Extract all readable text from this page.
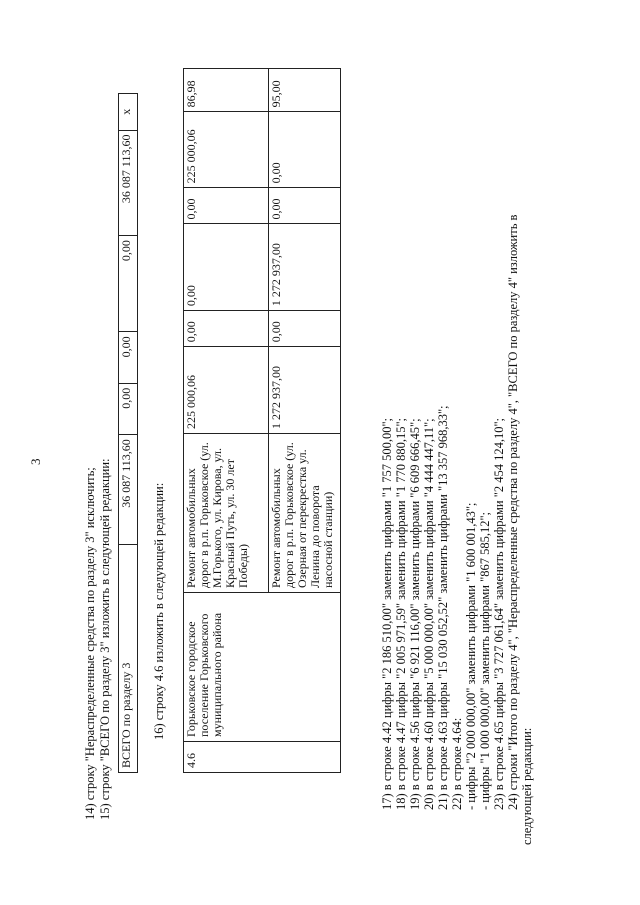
3
14) строку "Нераспределенные средства по разделу 3" исключить; 15) строку "ВСЕГО по разделу 3" изложить в следующей редакции: ВСЕГО по разделу 3	36 087 113,60	0,00	0,00	0,00	36 087 113,60	x
16) строку 4.6 изложить в следующей редакции:
4.6	Горьковское городское поселение Горьковского муниципального района	Ремонт автомобильных дорог в р.п. Горьковское (ул. М.Горького, ул. Кирова, ул. Красный Путь, ул. 30 лет Победы)	225 000,06	0,00	0,00	0,00	225 000,06	86,98
		Ремонт автомобильных дорог в р.п. Горьковское (ул. Озерная от перекрестка ул. Ленина до поворота насосной станции)	1 272 937,00	0,00	1 272 937,00	0,00	0,00	95,00
17) в строке 4.42 цифры "2 186 510,00" заменить цифрами "1 757 500,00"; 18) в строке 4.47 цифры "2 005 971,59" заменить цифрами "1 770 880,15"; 19) в строке 4.56 цифры "6 921 116,00" заменить цифрами "6 609 666,45"; 20) в строке 4.60 цифры "5 000 000,00" заменить цифрами "4 444 447,11"; 21) в строке 4.63 цифры "15 030 052,52" заменить цифрами "13 357 968,33"; 22) в строке 4.64: - цифры "2 000 000,00" заменить цифрами "1 600 001,43"; - цифры "1 000 000,00" заменить цифрами "867 585,12"; 23) в строке 4.65 цифры "3 727 061,64" заменить цифрами "2 454 124,10"; 24) строки "Итого по разделу 4", "Нераспределенные средства по разделу 4", "ВСЕГО по разделу 4" изложить в следующей редакции:
